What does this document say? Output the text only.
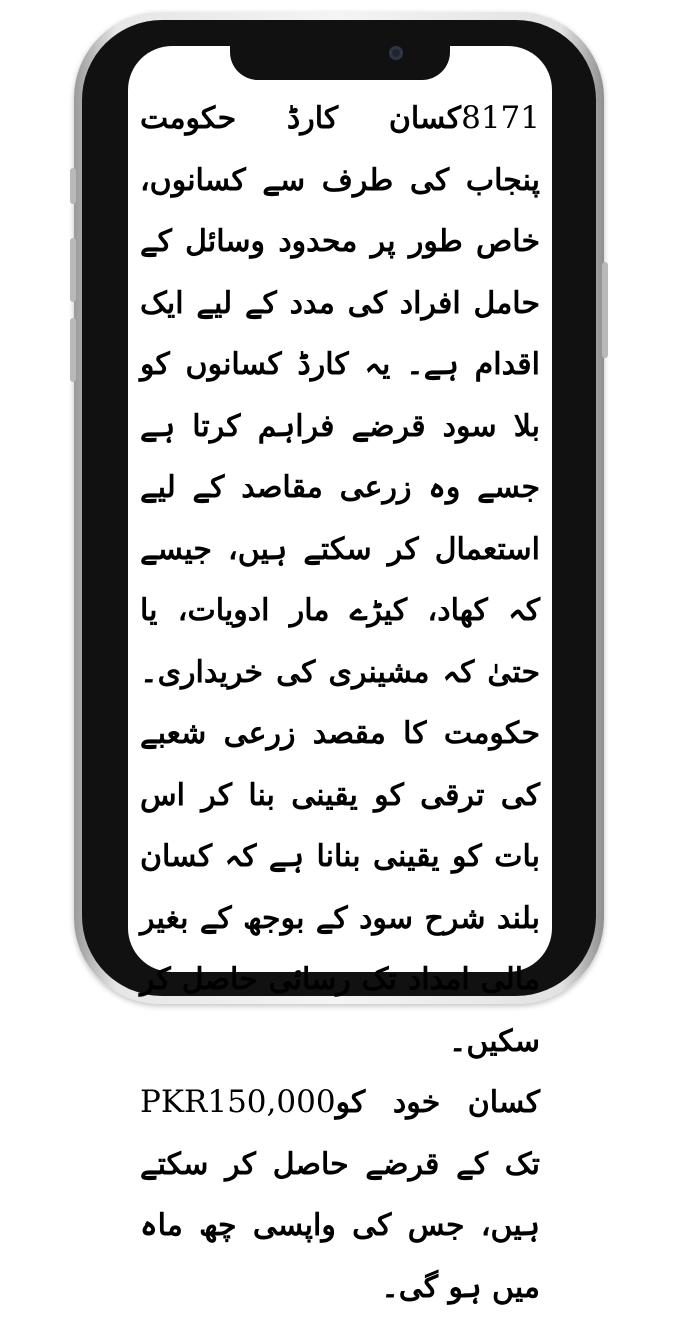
8171کسان کارڈ حکومت پنجاب کی طرف سے کسانوں، خاص طور پر محدود وسائل کے حامل افراد کی مدد کے لیے ایک اقدام ہے۔ یہ کارڈ کسانوں کو بلا سود قرضے فراہم کرتا ہے جسے وہ زرعی مقاصد کے لیے استعمال کر سکتے ہیں، جیسے کہ کھاد، کیڑے مار ادویات، یا حتیٰ کہ مشینری کی خریداری۔ حکومت کا مقصد زرعی شعبے کی ترقی کو یقینی بنا کر اس بات کو یقینی بنانا ہے کہ کسان بلند شرح سود کے بوجھ کے بغیر مالی امداد تک رسائی حاصل کر سکیں۔

کسان خود کوPKR150,000 تک کے قرضے حاصل کر سکتے ہیں، جس کی واپسی چھ ماہ میں ہو گی۔
